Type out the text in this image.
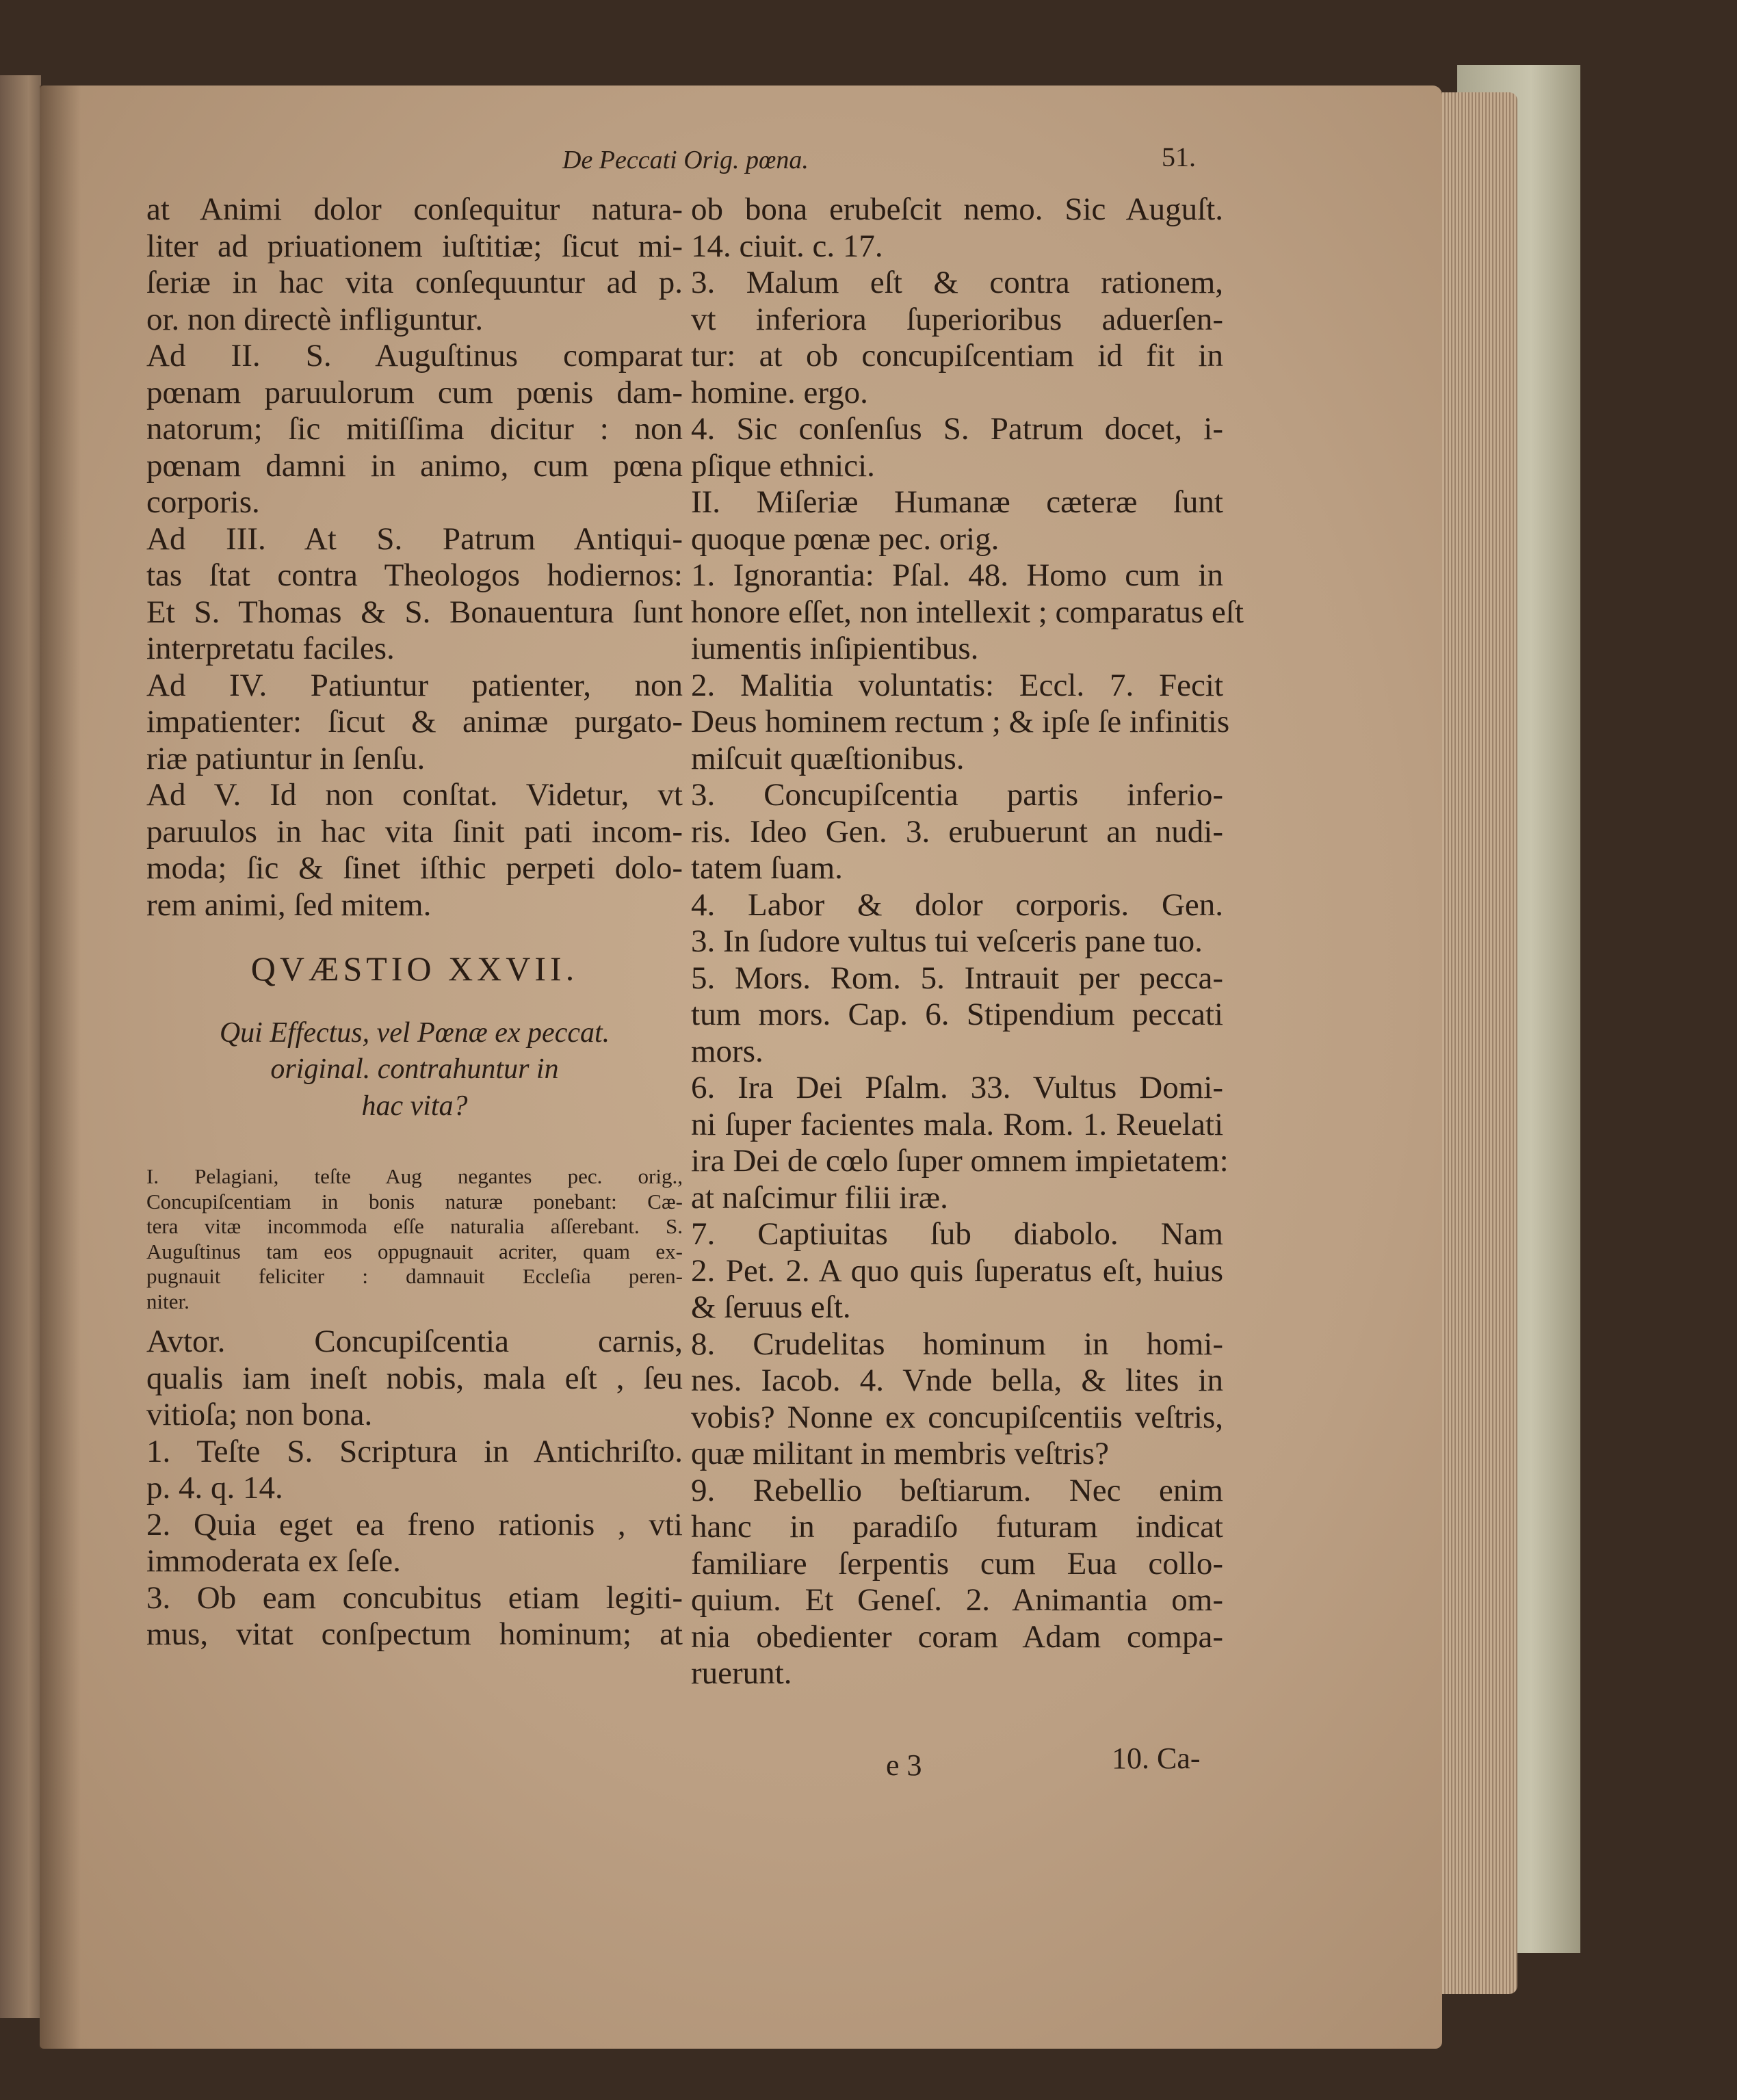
De Peccati Orig. pœna.	51.

at Animi dolor conſequitur natura-

liter ad priuationem iuſtitiæ; ſicut mi-

ſeriæ in hac vita conſequuntur ad p.

or. non directè infliguntur.

Ad II. S. Auguſtinus comparat

pœnam paruulorum cum pœnis dam-

natorum; ſic mitiſſima dicitur : non

pœnam damni in animo, cum pœna

corporis.

Ad III. At S. Patrum Antiqui-

tas ſtat contra Theologos hodiernos:

Et S. Thomas & S. Bonauentura ſunt

interpretatu faciles.

Ad IV. Patiuntur patienter, non

impatienter: ſicut & animæ purgato-

riæ patiuntur in ſenſu.

Ad V. Id non conſtat. Videtur, vt

paruulos in hac vita ſinit pati incom-

moda; ſic & ſinet iſthic perpeti dolo-

rem animi, ſed mitem.

QVÆSTIO XXVII.

Qui Effectus, vel Pœnæ ex peccat.

original. contrahuntur in

hac vita?

I. Pelagiani, teſte Aug negantes pec. orig.,

Concupiſcentiam in bonis naturæ ponebant: Cæ-

tera vitæ incommoda eſſe naturalia aſſerebant. S.

Auguſtinus tam eos oppugnauit acriter, quam ex-

pugnauit feliciter : damnauit Eccleſia peren-

niter.

Avtor. Concupiſcentia carnis,

qualis iam ineſt nobis, mala eſt , ſeu

vitioſa; non bona.

1. Teſte S. Scriptura in Antichriſto.

p. 4. q. 14.

2. Quia eget ea freno rationis , vti

immoderata ex ſeſe.

3. Ob eam concubitus etiam legiti-

mus, vitat conſpectum hominum; at

ob bona erubeſcit nemo. Sic Auguſt.

14. ciuit. c. 17.

3. Malum eſt & contra rationem,

vt inferiora ſuperioribus aduerſen-

tur: at ob concupiſcentiam id fit in

homine. ergo.

4. Sic conſenſus S. Patrum docet, i-

pſique ethnici.

II. Miſeriæ Humanæ cæteræ ſunt

quoque pœnæ pec. orig.

1. Ignorantia: Pſal. 48. Homo cum in

honore eſſet, non intellexit ; comparatus eſt

iumentis inſipientibus.

2. Malitia voluntatis: Eccl. 7. Fecit

Deus hominem rectum ; & ipſe ſe infinitis

miſcuit quæſtionibus.

3. Concupiſcentia partis inferio-

ris. Ideo Gen. 3. erubuerunt an nudi-

tatem ſuam.

4. Labor & dolor corporis. Gen.

3. In ſudore vultus tui veſceris pane tuo.

5. Mors. Rom. 5. Intrauit per pecca-

tum mors. Cap. 6. Stipendium peccati

mors.

6. Ira Dei Pſalm. 33. Vultus Domi-

ni ſuper facientes mala. Rom. 1. Reuelati

ira Dei de cœlo ſuper omnem impietatem:

at naſcimur filii iræ.

7. Captiuitas ſub diabolo. Nam

2. Pet. 2. A quo quis ſuperatus eſt, huius

& ſeruus eſt.

8. Crudelitas hominum in homi-

nes. Iacob. 4. Vnde bella, & lites in

vobis? Nonne ex concupiſcentiis veſtris,

quæ militant in membris veſtris?

9. Rebellio beſtiarum. Nec enim

hanc in paradiſo futuram indicat

familiare ſerpentis cum Eua collo-

quium. Et Geneſ. 2. Animantia om-

nia obedienter coram Adam compa-

ruerunt.

e 3	10. Ca-
